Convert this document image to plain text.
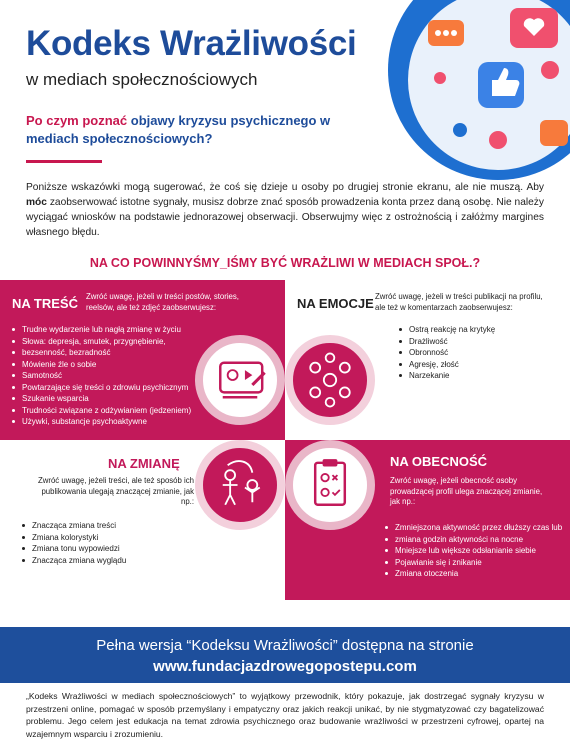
Kodeks Wrażliwości
w mediach społecznościowych
Po czym poznać objawy kryzysu psychicznego w mediach społecznościowych?
Poniższe wskazówki mogą sugerować, że coś się dzieje u osoby po drugiej stronie ekranu, ale nie muszą. Aby móc zaobserwować istotne sygnały, musisz dobrze znać sposób prowadzenia konta przez daną osobę. Nie należy wyciągać wniosków na podstawie jednorazowej obserwacji. Obserwujmy więc z ostrożnością i załóżmy margines własnego błędu.
NA CO POWINNYŚMY_IŚMY BYĆ WRAŻLIWI W MEDIACH SPOŁ.?
NA TREŚĆ Zwróć uwagę, jeżeli w treści postów, stories, reelsów, ale też zdjęć zaobserwujesz:
Trudne wydarzenie lub nagłą zmianę w życiu
Słowa: depresja, smutek, przygnębienie,
bezsenność, bezradność
Mówienie źle o sobie
Samotność
Powtarzające się treści o zdrowiu psychicznym
Szukanie wsparcia
Trudności związane z odżywianiem (jedzeniem)
Używki, substancje psychoaktywne
NA EMOCJE Zwróć uwagę, jeżeli w treści publikacji na profilu, ale też w komentarzach zaobserwujesz:
Ostrą reakcję na krytykę
Drażliwość
Obronność
Agresję, złość
Narzekanie
NA ZMIANĘ
Zwróć uwagę, jeżeli treści, ale też sposób ich publikowania ulegają znaczącej zmianie, jak np.:
Znacząca zmiana treści
Zmiana kolorystyki
Zmiana tonu wypowiedzi
Znacząca zmiana wyglądu
NA OBECNOŚĆ
Zwróć uwagę, jeżeli obecność osoby prowadzącej profil ulega znaczącej zmianie, jak np.:
Zmniejszona aktywność przez dłuższy czas lub
zmiana godzin aktywności na nocne
Mniejsze lub większe odsłanianie siebie
Pojawianie się i znikanie
Zmiana otoczenia
Pełna wersja “Kodeksu Wrażliwości” dostępna na stronie
www.fundacjazdrowegopostepu.com
„Kodeks Wrażliwości w mediach społecznościowych” to wyjątkowy przewodnik, który pokazuje, jak dostrzegać sygnały kryzysu w przestrzeni online, pomagać w sposób przemyślany i empatyczny oraz jakich reakcji unikać, by nie stygmatyzować czy bagatelizować problemu. Jego celem jest edukacja na temat zdrowia psychicznego oraz budowanie wrażliwości w przestrzeni cyfrowej, opartej na wzajemnym wsparciu i zrozumieniu.
